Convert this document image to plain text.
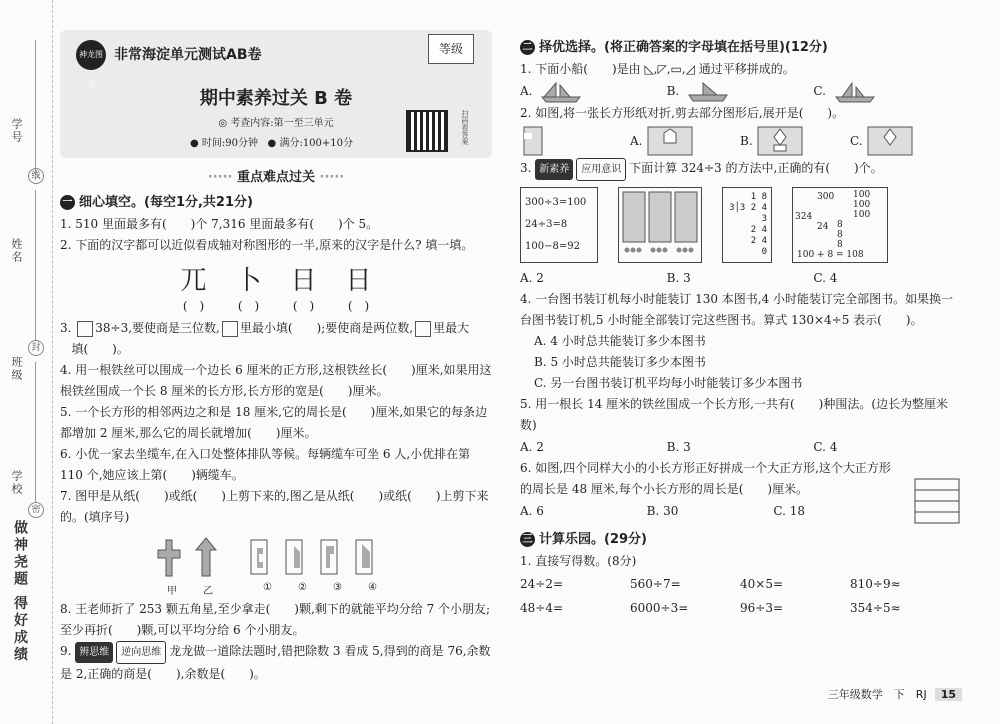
学号
姓名
班级
学校
线
封
密
做神尧题 得好成绩
神龙图书
非常海淀单元测试AB卷	等级
期中素养过关 B 卷
◎ 考查内容:第一至三单元
● 时间:90分钟 ● 满分:100+10分	扫码看答案
····· 重点难点过关 ·····
一 细心填空。(每空1分,共21分)

1. 510 里面最多有(　　)个 7,316 里面最多有(　　)个 5。

2. 下面的汉字都可以近似看成轴对称图形的一半,原来的汉字是什么? 填一填。

兀 卜 日 日
(　)	(　)	(　)	(　)

3. 38÷3,要使商是三位数, 里最小填(　　);要使商是两位数, 里最大
填(　　)。

4. 用一根铁丝可以围成一个边长 6 厘米的正方形,这根铁丝长(　　)厘米,如果用这根铁丝围成一个长 8 厘米的长方形,长方形的宽是(　　)厘米。

5. 一个长方形的相邻两边之和是 18 厘米,它的周长是(　　)厘米,如果它的每条边都增加 2 厘米,那么它的周长就增加(　　)厘米。

6. 小优一家去坐缆车,在入口处整体排队等候。每辆缆车可坐 6 人,小优排在第 110 个,她应该上第(　　)辆缆车。

7. 图甲是从纸(　　)或纸(　　)上剪下来的,图乙是从纸(　　)或纸(　　)上剪下来的。(填序号)

甲	乙	①	②	③	④

8. 王老师折了 253 颗五角星,至少拿走(　　)颗,剩下的就能平均分给 7 个小朋友;至少再折(　　)颗,可以平均分给 6 个小朋友。

9. 辨思维 逆向思维 龙龙做一道除法题时,错把除数 3 看成 5,得到的商是 76,余数是 2,正确的商是(　　),余数是(　　)。

二 择优选择。(将正确答案的字母填在括号里)(12分)

1. 下面小船(　　)是由 ◺,◸,▭,◿ 通过平移拼成的。

A.	B.	C.

2. 如图,将一张长方形纸对折,剪去部分图形后,展开是(　　)。

A.	B.	C.

3. 新素养 应用意识 下面计算 324÷3 的方法中,正确的有(　　)个。

300÷3=100
24÷3=8
100−8=92
1 8
3│3 2 4
3
2 4
2 4
0
324
300
24
100
100
100
8
8
8
100 + 8 = 108
A. 2	B. 3	C. 4

4. 一台图书装订机每小时能装订 130 本图书,4 小时能装订完全部图书。如果换一台图书装订机,5 小时能全部装订完这些图书。算式 130×4÷5 表示(　　)。

A. 4 小时总共能装订多少本图书

B. 5 小时总共能装订多少本图书

C. 另一台图书装订机平均每小时能装订多少本图书

5. 用一根长 14 厘米的铁丝围成一个长方形,一共有(　　)种围法。(边长为整厘米数)

A. 2	B. 3	C. 4

6. 如图,四个同样大小的小长方形正好拼成一个大正方形,这个大正方形的周长是 48 厘米,每个小长方形的周长是(　　)厘米。

A. 6	B. 30	C. 18
三 计算乐园。(29分)

1. 直接写得数。(8分)

24÷2=	560÷7=	40×5=	810÷9≈
48÷4=	6000÷3=	96÷3=	354÷5≈
三年级数学　下　RJ 15
